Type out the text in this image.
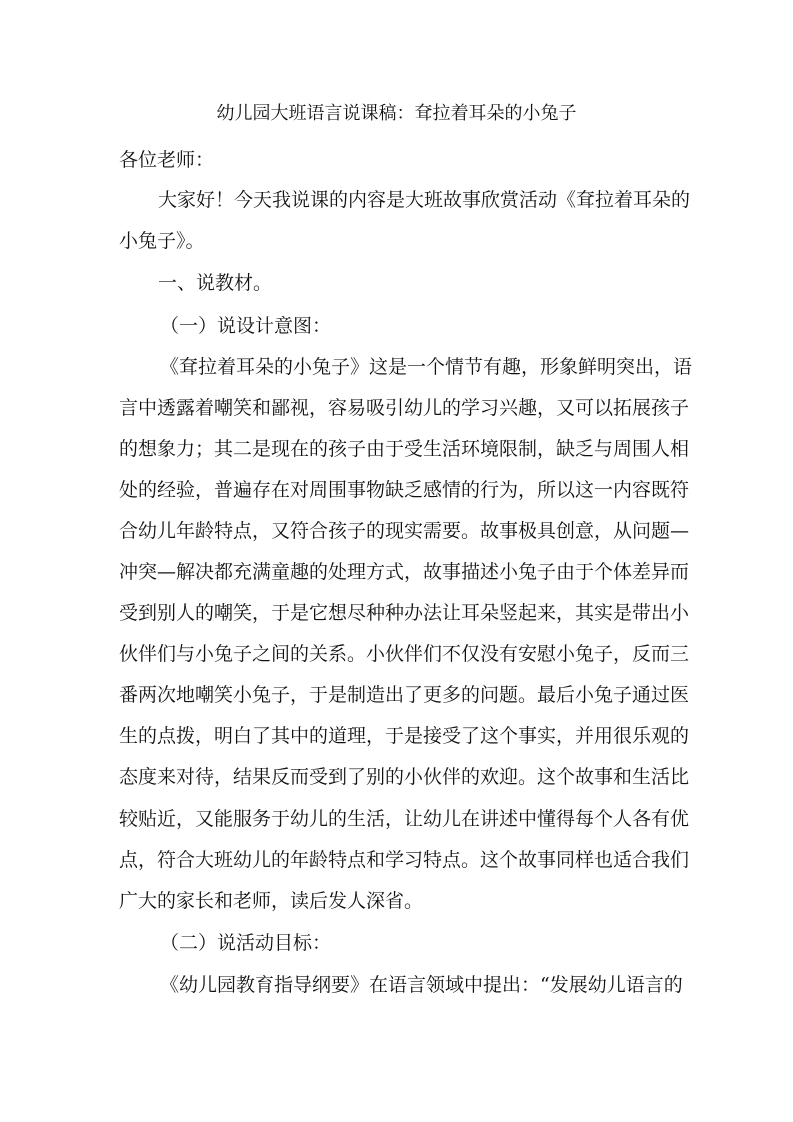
幼儿园大班语言说课稿：耷拉着耳朵的小兔子

各位老师：

大家好！今天我说课的内容是大班故事欣赏活动《耷拉着耳朵的

小兔子》。

一、说教材。

（一）说设计意图：

《耷拉着耳朵的小兔子》这是一个情节有趣，形象鲜明突出，语

言中透露着嘲笑和鄙视，容易吸引幼儿的学习兴趣，又可以拓展孩子

的想象力；其二是现在的孩子由于受生活环境限制，缺乏与周围人相

处的经验，普遍存在对周围事物缺乏感情的行为，所以这一内容既符

合幼儿年龄特点，又符合孩子的现实需要。故事极具创意，从问题—

冲突—解决都充满童趣的处理方式，故事描述小兔子由于个体差异而

受到别人的嘲笑，于是它想尽种种办法让耳朵竖起来，其实是带出小

伙伴们与小兔子之间的关系。小伙伴们不仅没有安慰小兔子，反而三

番两次地嘲笑小兔子，于是制造出了更多的问题。最后小兔子通过医

生的点拨，明白了其中的道理，于是接受了这个事实，并用很乐观的

态度来对待，结果反而受到了别的小伙伴的欢迎。这个故事和生活比

较贴近，又能服务于幼儿的生活，让幼儿在讲述中懂得每个人各有优

点，符合大班幼儿的年龄特点和学习特点。这个故事同样也适合我们

广大的家长和老师，读后发人深省。

（二）说活动目标：

《幼儿园教育指导纲要》在语言领域中提出：“发展幼儿语言的
